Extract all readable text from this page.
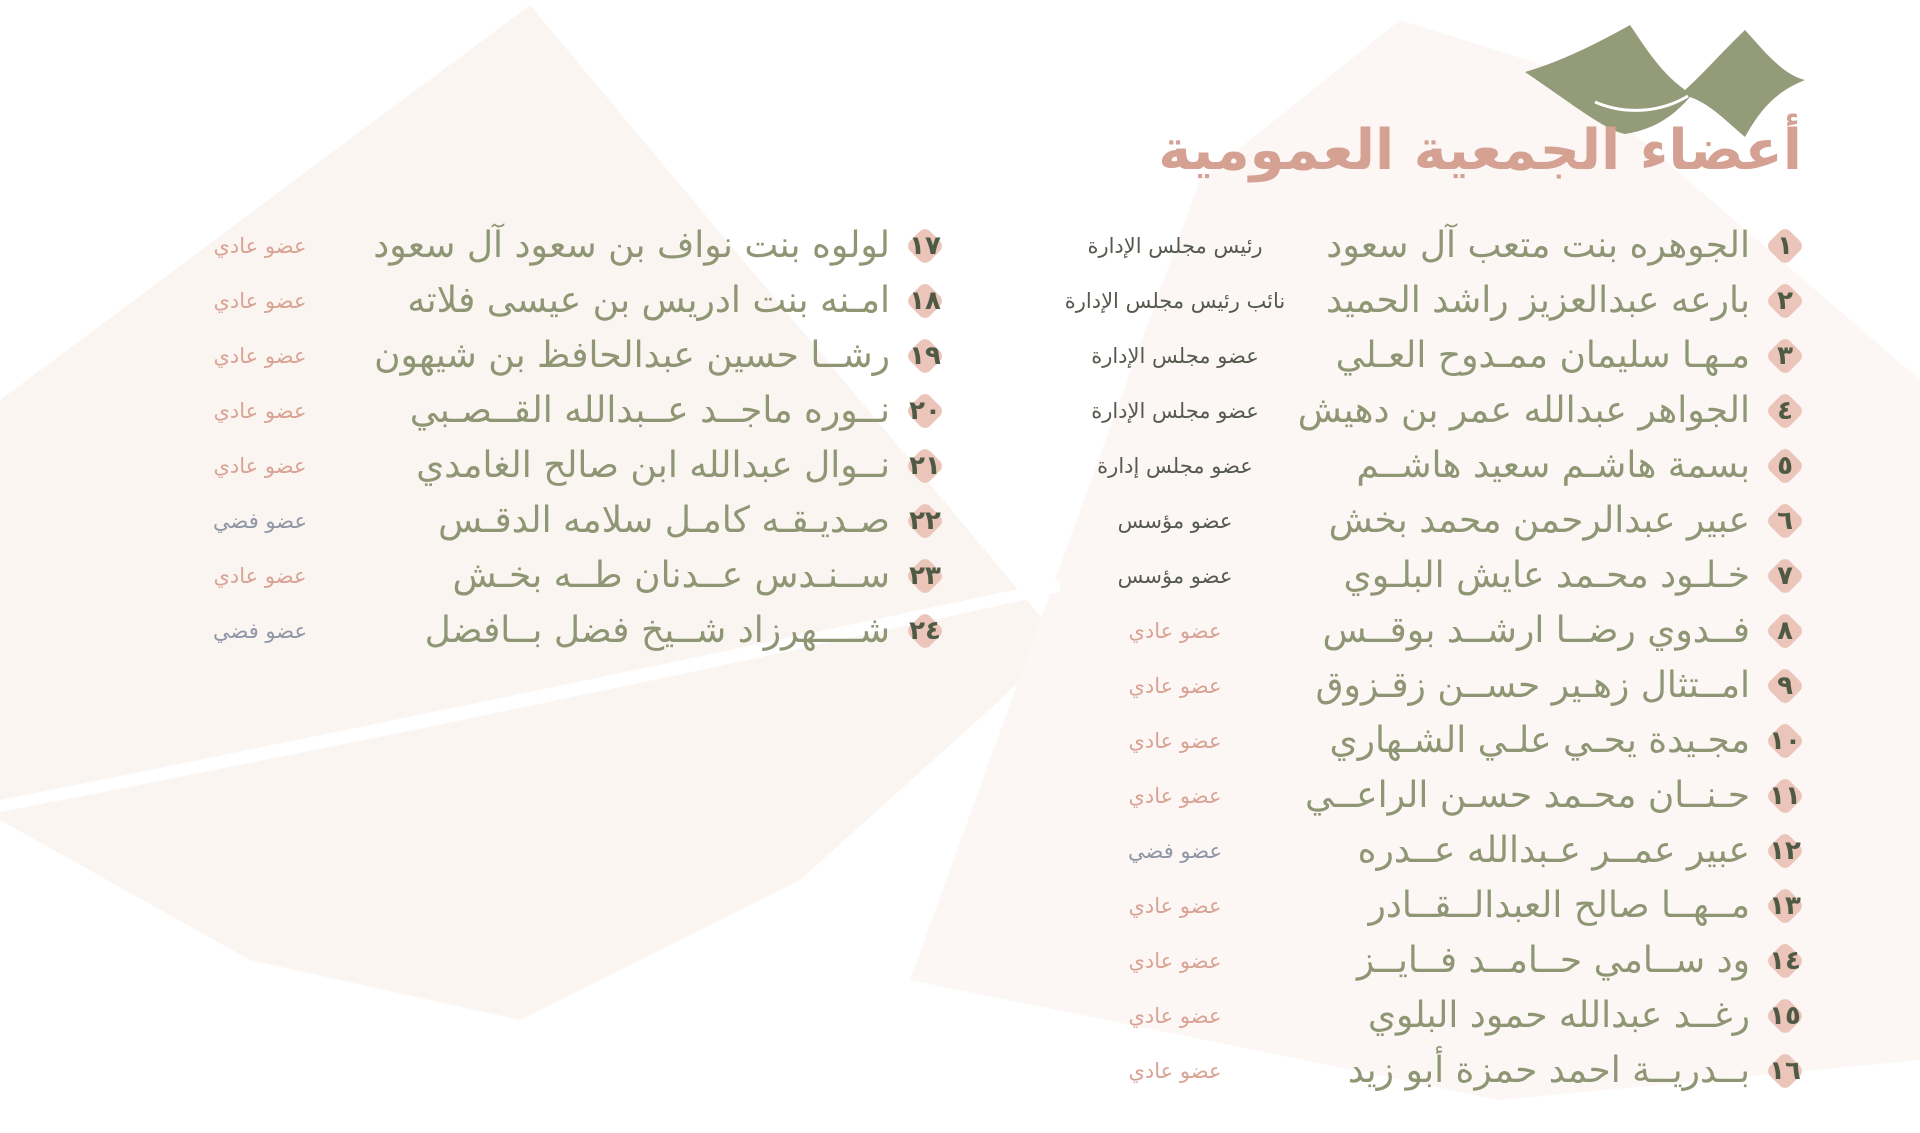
أعضاء الجمعية العمومية
١
الجوهره بنت متعب آل سعود
رئيس مجلس الإدارة
٢
بارعه عبدالعزيز راشد الحميد
نائب رئيس مجلس الإدارة
٣
مـهـا سليمان ممـدوح العـلي
عضو مجلس الإدارة
٤
الجواهر عبدالله عمر بن دهيش
عضو مجلس الإدارة
٥
بسمة هاشـم سعيد هاشــم
عضو مجلس إدارة
٦
عبير عبدالرحمن محمد بخش
عضو مؤسس
٧
خـلـود محـمد عايش البلـوي
عضو مؤسس
٨
فــدوي رضــا ارشــد بوقــس
عضو عادي
٩
امــتثال زهـير حســن زقـزوق
عضو عادي
١٠
مجـيدة يحـي علـي الشـهاري
عضو عادي
١١
حـنــان محـمد حسـن الراعــي
عضو عادي
١٢
عبير عمــر عـبدالله عــدره
عضو فضي
١٣
مــهــا صالح العبدالــقــادر
عضو عادي
١٤
ود ســامي حــامــد فــايــز
عضو عادي
١٥
رغــد عبدالله حمود البلوي
عضو عادي
١٦
بــدريــة احمد حمزة أبو زيد
عضو عادي
١٧
لولوه بنت نواف بن سعود آل سعود
عضو عادي
١٨
امـنه بنت ادريس بن عيسى فلاته
عضو عادي
١٩
رشــا حسين عبدالحافظ بن شيهون
عضو عادي
٢٠
نــوره ماجــد عــبدالله القــصـبي
عضو عادي
٢١
نــوال عبدالله ابن صالح الغامدي
عضو عادي
٢٢
صـديـقـه كامـل سلامه الدقـس
عضو فضي
٢٣
ســنـدس عــدنان طــه بخـش
عضو عادي
٢٤
شــــهرزاد شــيخ فضل بــافضل
عضو فضي
